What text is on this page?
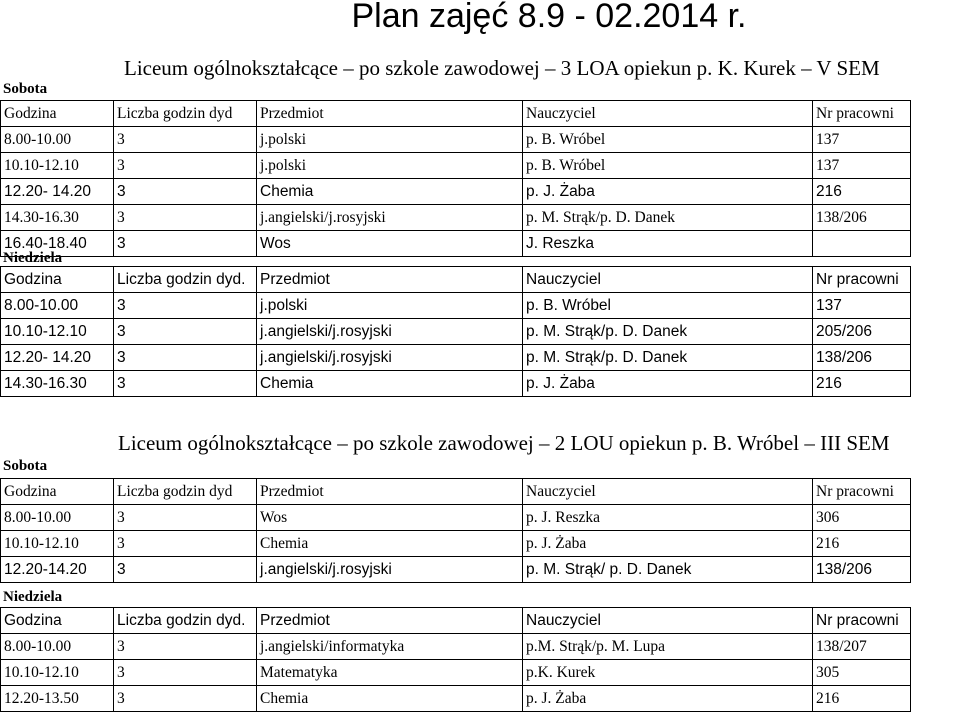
Plan zajęć 8.9 - 02.2014 r.
Liceum ogólnokształcące – po szkole zawodowej – 3 LOA opiekun p. K. Kurek – V SEM
Sobota
Godzina	Liczba godzin dyd	Przedmiot	Nauczyciel	Nr pracowni
8.00-10.00	3	j.polski	p. B. Wróbel	137
10.10-12.10	3	j.polski	p. B. Wróbel	137
12.20- 14.20	3	Chemia	p. J. Żaba	216
14.30-16.30	3	j.angielski/j.rosyjski	p. M. Strąk/p. D. Danek	138/206
16.40-18.40	3	Wos	J. Reszka	
Niedziela
Godzina	Liczba godzin dyd.	Przedmiot	Nauczyciel	Nr pracowni
8.00-10.00	3	j.polski	p. B. Wróbel	137
10.10-12.10	3	j.angielski/j.rosyjski	p. M. Strąk/p. D. Danek	205/206
12.20- 14.20	3	j.angielski/j.rosyjski	p. M. Strąk/p. D. Danek	138/206
14.30-16.30	3	Chemia	p. J. Żaba	216
Liceum ogólnokształcące – po szkole zawodowej – 2 LOU opiekun p. B. Wróbel – III SEM
Sobota
Godzina	Liczba godzin dyd	Przedmiot	Nauczyciel	Nr pracowni
8.00-10.00	3	Wos	p. J. Reszka	306
10.10-12.10	3	Chemia	p. J. Żaba	216
12.20-14.20	3	j.angielski/j.rosyjski	p. M. Strąk/ p. D. Danek	138/206
Niedziela
Godzina	Liczba godzin dyd.	Przedmiot	Nauczyciel	Nr pracowni
8.00-10.00	3	j.angielski/informatyka	p.M. Strąk/p. M. Lupa	138/207
10.10-12.10	3	Matematyka	p.K. Kurek	305
12.20-13.50	3	Chemia	p. J. Żaba	216
